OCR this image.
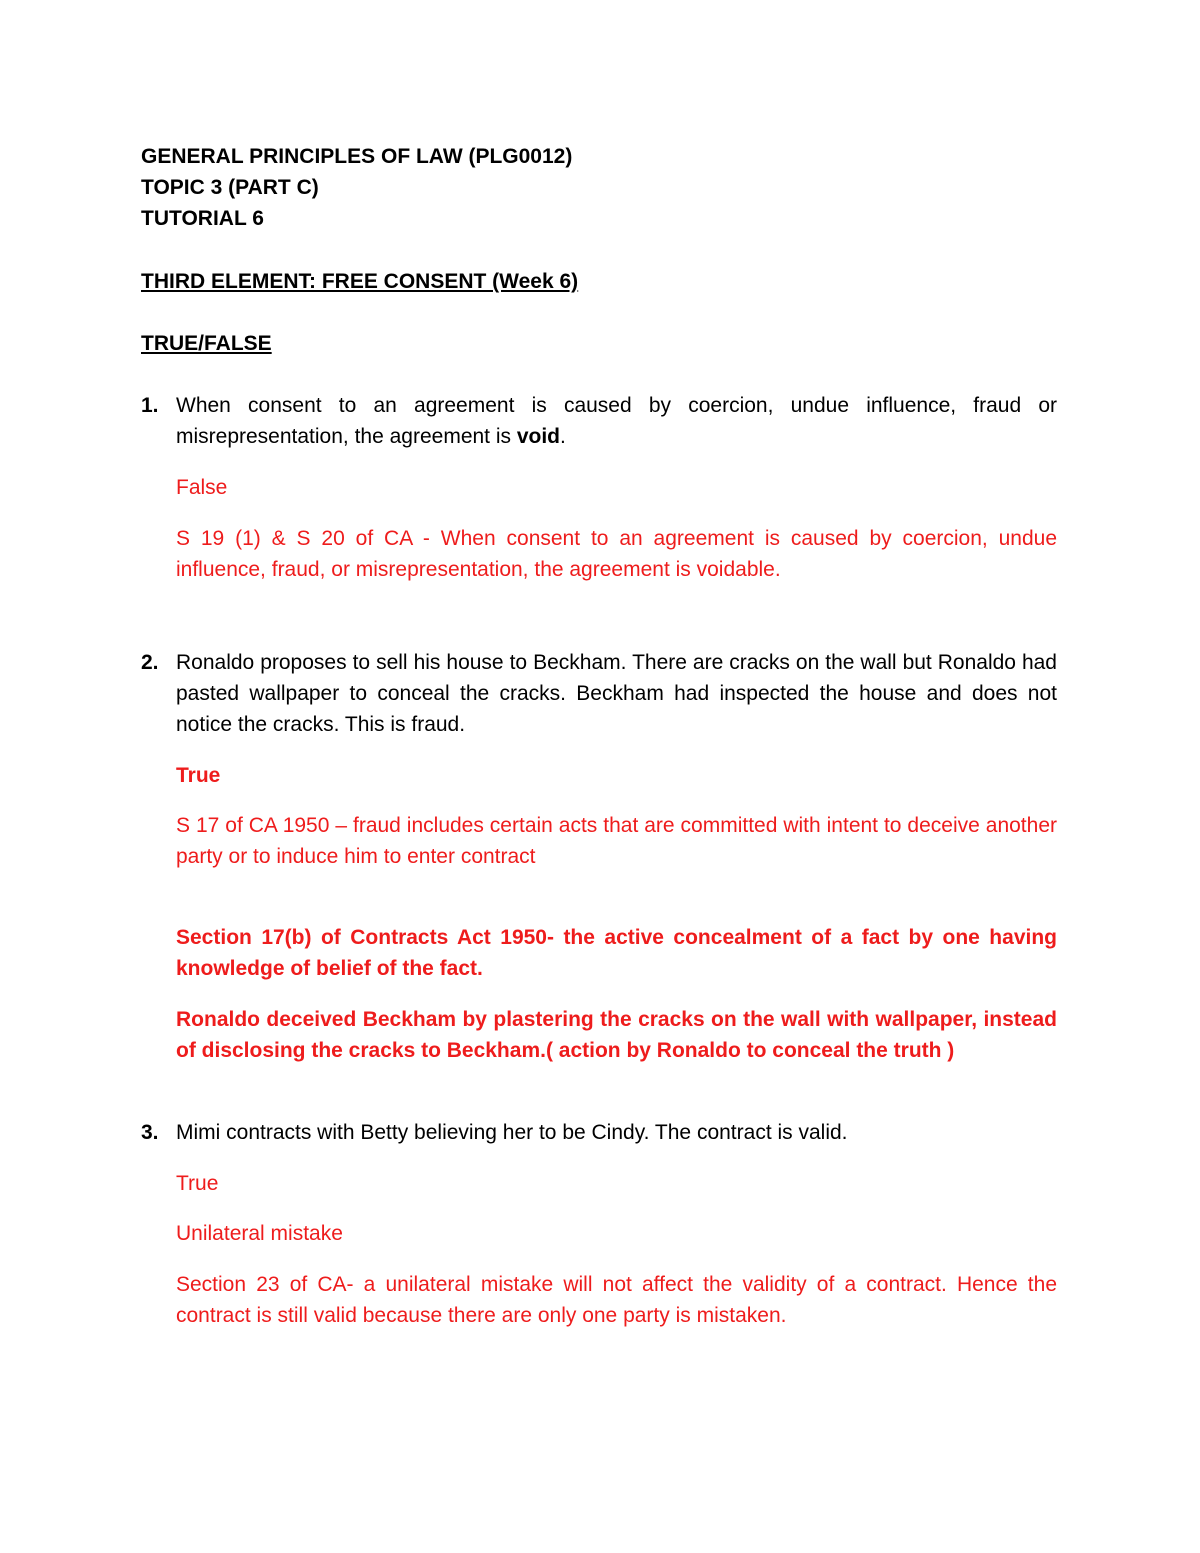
GENERAL PRINCIPLES OF LAW (PLG0012)
TOPIC 3 (PART C)
TUTORIAL 6
THIRD ELEMENT: FREE CONSENT (Week 6)
TRUE/FALSE
1. When consent to an agreement is caused by coercion, undue influence, fraud or misrepresentation, the agreement is void.
False
S 19 (1) & S 20 of CA - When consent to an agreement is caused by coercion, undue influence, fraud, or misrepresentation, the agreement is voidable.
2. Ronaldo proposes to sell his house to Beckham. There are cracks on the wall but Ronaldo had pasted wallpaper to conceal the cracks. Beckham had inspected the house and does not notice the cracks. This is fraud.
True
S 17 of CA 1950 – fraud includes certain acts that are committed with intent to deceive another party or to induce him to enter contract
Section 17(b) of Contracts Act 1950- the active concealment of a fact by one having knowledge of belief of the fact.
Ronaldo deceived Beckham by plastering the cracks on the wall with wallpaper, instead of disclosing the cracks to Beckham.( action by Ronaldo to conceal the truth )
3. Mimi contracts with Betty believing her to be Cindy. The contract is valid.
True
Unilateral mistake
Section 23 of CA- a unilateral mistake will not affect the validity of a contract. Hence the contract is still valid because there are only one party is mistaken.
